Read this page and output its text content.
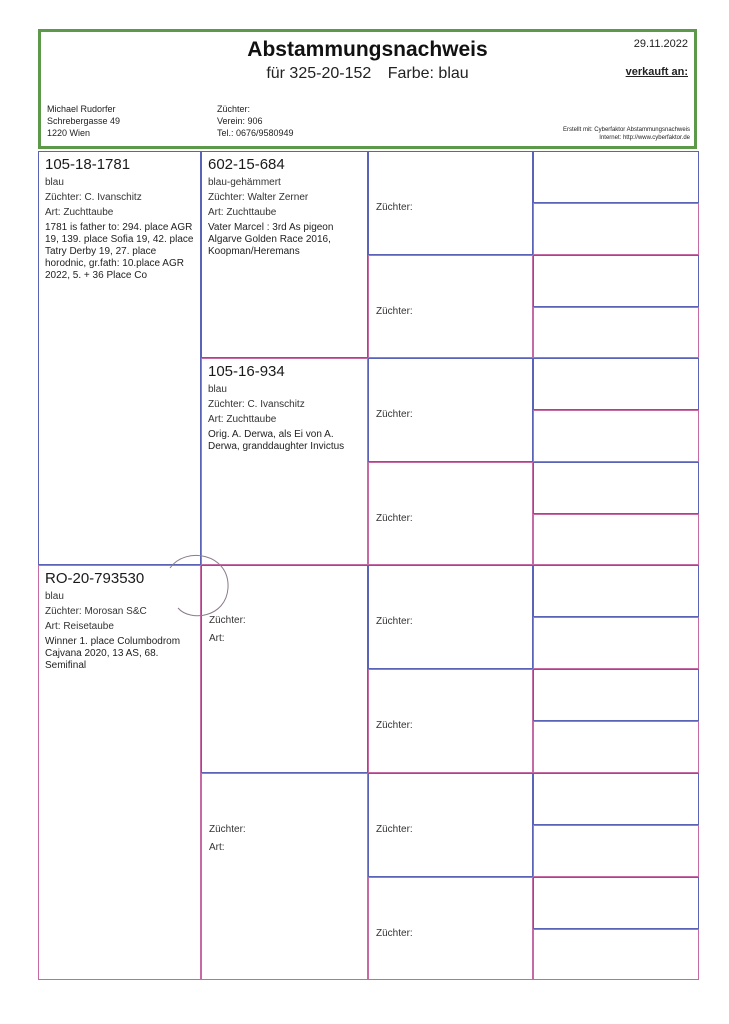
Abstammungsnachweis
für 325-20-152 Farbe: blau
29.11.2022
verkauft an:
Michael Rudorfer
Schrebergasse 49
1220 Wien
Züchter:
Verein: 906
Tel.: 0676/9580949	Erstellt mit: Cyberfaktor Abstammungsnachweis
Internet: http://www.cyberfaktor.de
105-18-1781
blau
Züchter: C. Ivanschitz
Art: Zuchttaube
1781 is father to: 294. place AGR 19, 139. place Sofia 19, 42. place Tatry Derby 19, 27. place horodnic, gr.fath: 10.place AGR 2022, 5. + 36 Place Co
RO-20-793530
blau
Züchter: Morosan S&C
Art: Reisetaube
Winner 1. place Columbodrom Cajvana 2020, 13 AS, 68. Semifinal
602-15-684
blau-gehämmert
Züchter: Walter Zerner
Art: Zuchttaube
Vater Marcel : 3rd As pigeon Algarve Golden Race 2016, Koopman/Heremans
105-16-934
blau
Züchter: C. Ivanschitz
Art: Zuchttaube
Orig. A. Derwa, als Ei von A. Derwa, granddaughter Invictus
Züchter:
Art:
Züchter:
Art:
Züchter:
Züchter:
Züchter:
Züchter:
Züchter:
Züchter:
Züchter:
Züchter:
